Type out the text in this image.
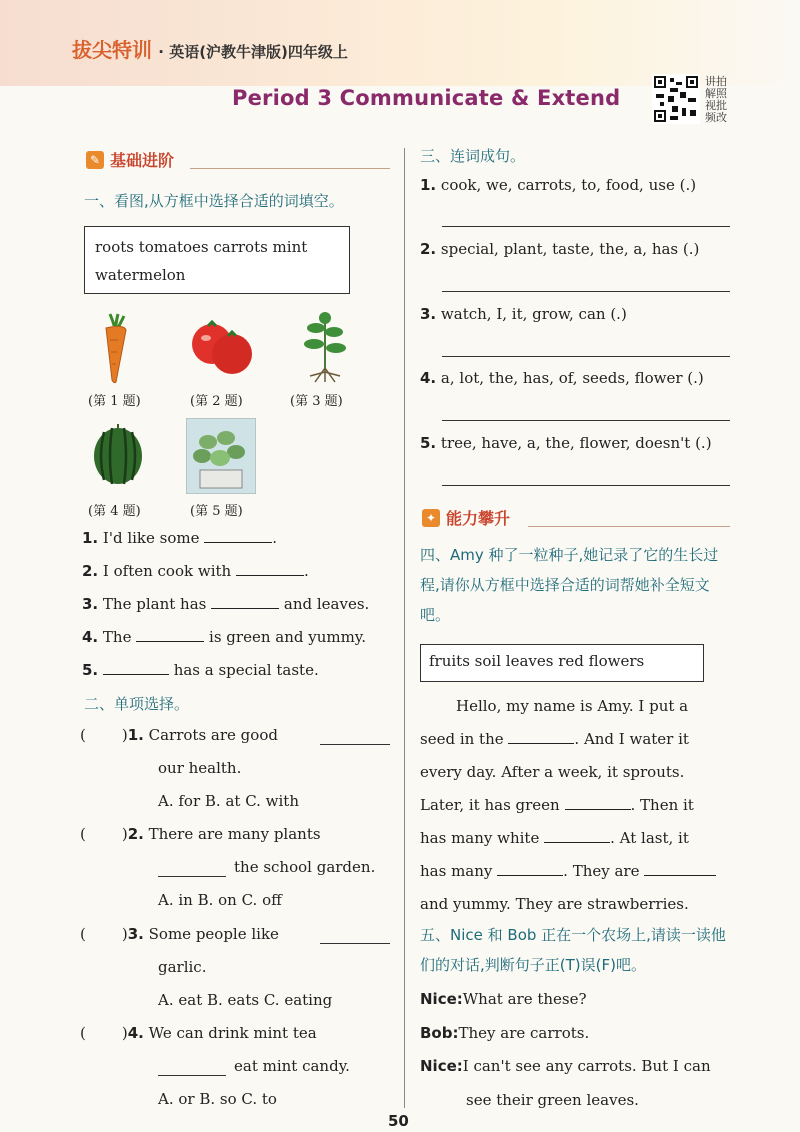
拔尖特训 · 英语(沪教牛津版)四年级上
Period 3 Communicate & Extend
讲拍
解照
视批
频改
✎ 基础进阶
一、看图,从方框中选择合适的词填空。
roots tomatoes carrots mint watermelon
(第 1 题)	(第 2 题)	(第 3 题)
(第 4 题)	(第 5 题)
1. I'd like some	.
2. I often cook with	.
3. The plant has	and leaves.
4. The	is green and yummy.
5.	has a special taste.
二、单项选择。
( )1. Carrots are good
our health.
A. for B. at C. with
( )2. There are many plants
the school garden.
A. in B. on C. off
( )3. Some people like
garlic.
A. eat B. eats C. eating
( )4. We can drink mint tea
eat mint candy.
A. or B. so C. to
三、连词成句。
1. cook, we, carrots, to, food, use (.)
2. special, plant, taste, the, a, has (.)
3. watch, I, it, grow, can (.)
4. a, lot, the, has, of, seeds, flower (.)
5. tree, have, a, the, flower, doesn't (.)
✦ 能力攀升
四、Amy 种了一粒种子,她记录了它的生长过程,请你从方框中选择合适的词帮她补全短文吧。
fruits soil leaves red flowers
Hello, my name is Amy. I put a
seed in the	. And I water it
every day. After a week, it sprouts.
Later, it has green	. Then it
has many white	. At last, it
has many	. They are
and yummy. They are strawberries.
五、Nice 和 Bob 正在一个农场上,请读一读他们的对话,判断句子正(T)误(F)吧。
Nice:What are these?
Bob:They are carrots.
Nice:I can't see any carrots. But I can
see their green leaves.
50
